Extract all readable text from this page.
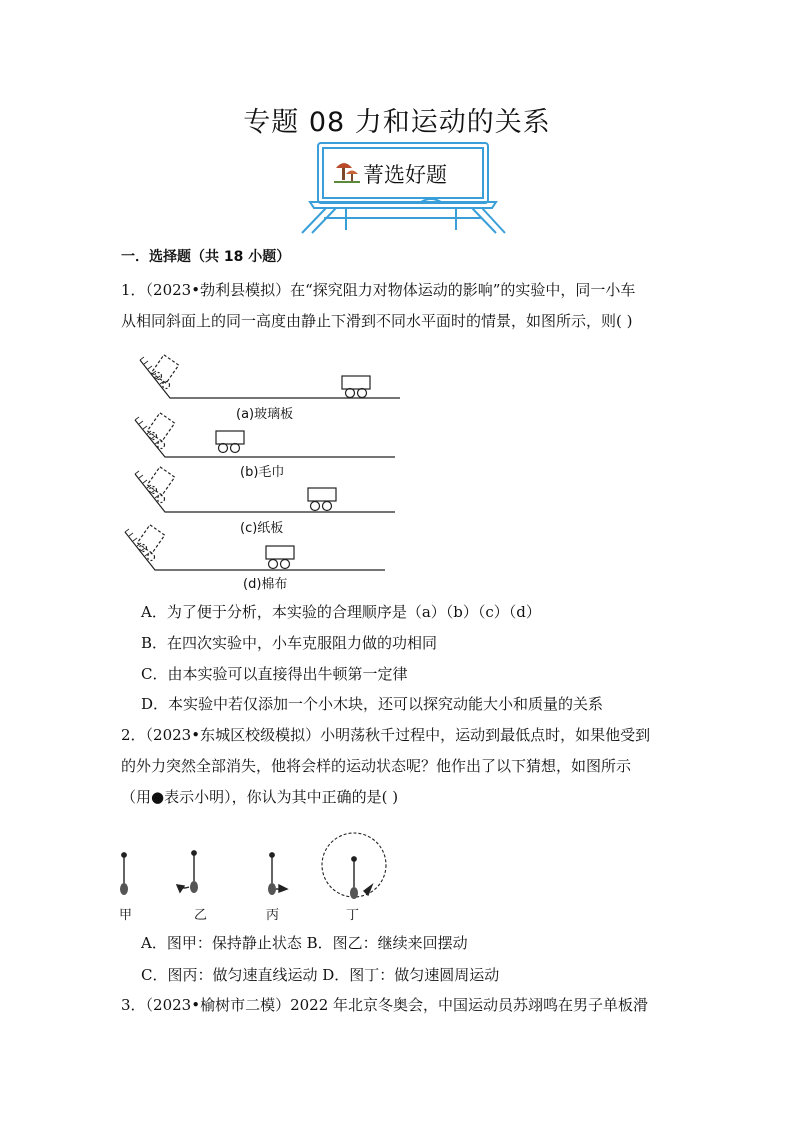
专题 08 力和运动的关系
菁选好题
一．选择题（共 18 小题）
1．（2023•勃利县模拟）在“探究阻力对物体运动的影响”的实验中，同一小车
从相同斜面上的同一高度由静止下滑到不同水平面时的情景，如图所示，则( )
(a)玻璃板
(b)毛巾
(c)纸板
(d)棉布
A．为了便于分析，本实验的合理顺序是（a）（b）（c）（d）
B．在四次实验中，小车克服阻力做的功相同
C．由本实验可以直接得出牛顿第一定律
D．本实验中若仅添加一个小木块，还可以探究动能大小和质量的关系
2．（2023•东城区校级模拟）小明荡秋千过程中，运动到最低点时，如果他受到
的外力突然全部消失，他将会样的运动状态呢？他作出了以下猜想，如图所示
（用●表示小明），你认为其中正确的是( )
甲	乙	丙	丁
A．图甲：保持静止状态 B．图乙：继续来回摆动
C．图丙：做匀速直线运动 D．图丁：做匀速圆周运动
3．（2023•榆树市二模）2022 年北京冬奥会，中国运动员苏翊鸣在男子单板滑
